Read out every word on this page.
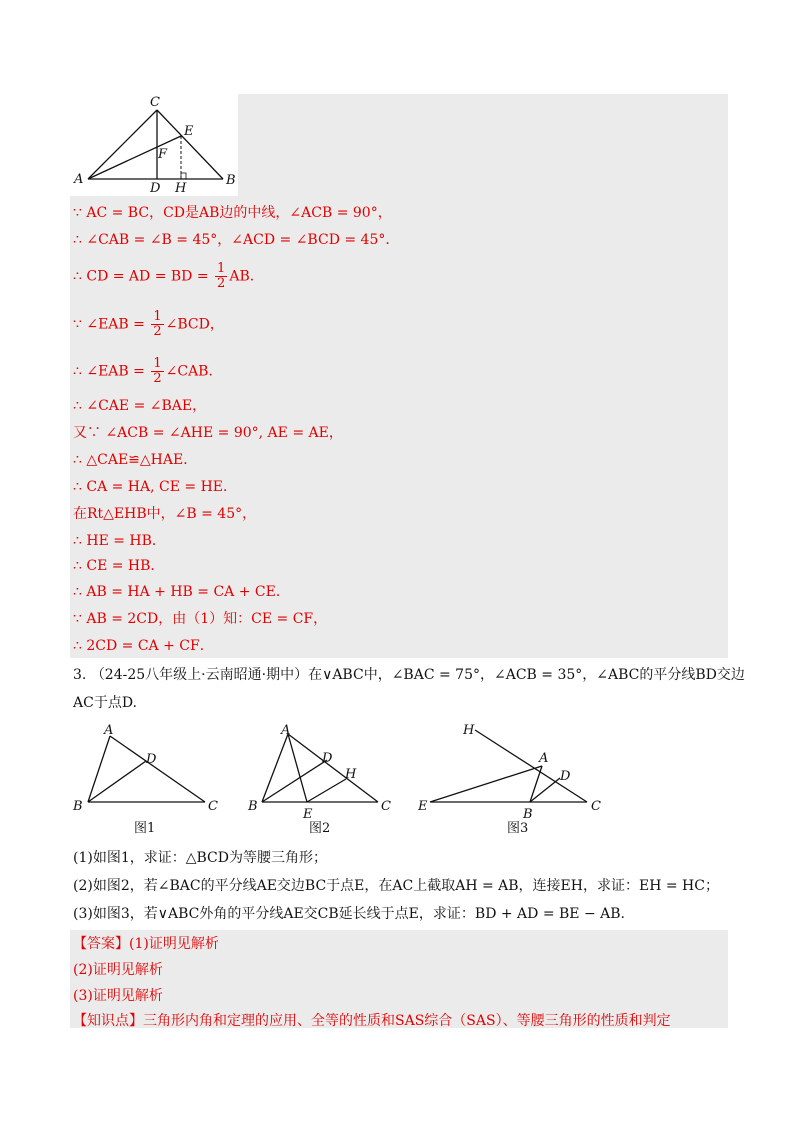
C
E
F
A
D H
B
∵ AC = BC，CD是AB边的中线，∠ACB = 90°，
∴ ∠CAB = ∠B = 45°，∠ACD = ∠BCD = 45°．
∴ CD = AD = BD = $\frac{1}{2}$ AB．
∵ ∠EAB = $\frac{1}{2}$ ∠BCD，
∴ ∠EAB = $\frac{1}{2}$ ∠CAB．
∴ ∠CAE = ∠BAE，
又∵ ∠ACB = ∠AHE = 90°, AE = AE，
∴ △CAE≌△HAE．
∴ CA = HA, CE = HE．
在Rt△EHB中，∠B = 45°，
∴ HE = HB．
∴ CE = HB．
∴ AB = HA + HB = CA + CE．
∵ AB = 2CD，由（1）知：CE = CF，
∴ 2CD = CA + CF．
3. （24-25八年级上·云南昭通·期中）在∨ABC中，∠BAC = 75°，∠ACB = 35°，∠ABC的平分线BD交边
AC于点D.
A
D
B	C
图1
A
D
H
B
E
C
图2
H
A
D
E
B
C
图3
(1)如图1，求证：△BCD为等腰三角形；
(2)如图2，若∠BAC的平分线AE交边BC于点E，在AC上截取AH = AB，连接EH，求证：EH = HC；
(3)如图3，若∨ABC外角的平分线AE交CB延长线于点E，求证：BD + AD = BE − AB.
【答案】(1)证明见解析
(2)证明见解析
(3)证明见解析
【知识点】三角形内角和定理的应用、全等的性质和SAS综合（SAS）、等腰三角形的性质和判定
